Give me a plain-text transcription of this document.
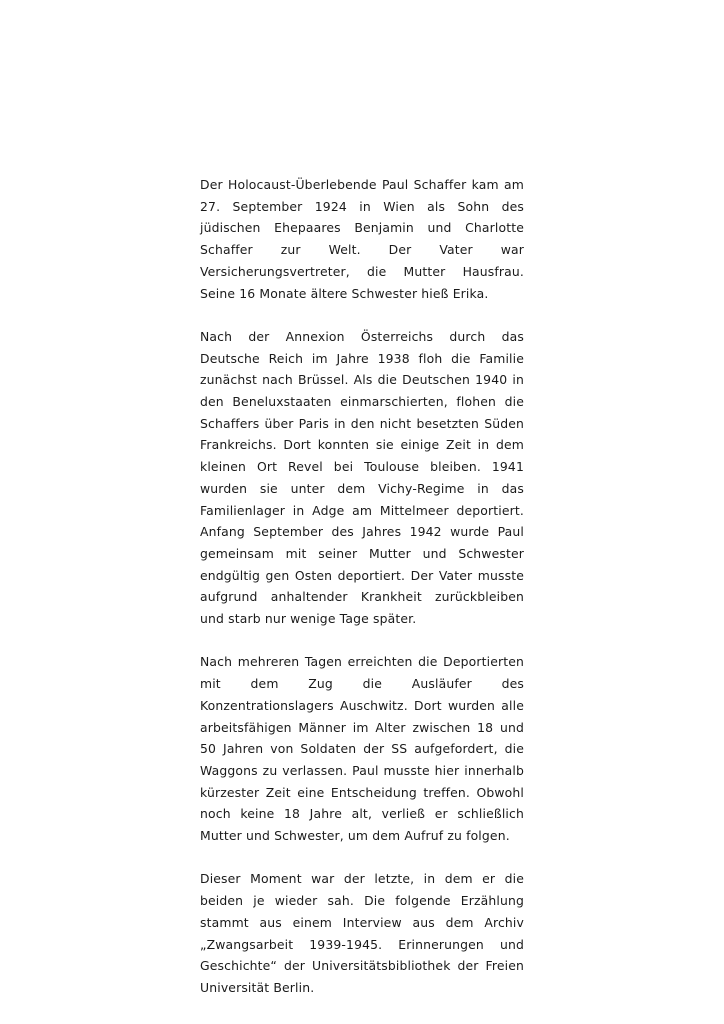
Der Holocaust-Überlebende Paul Schaffer kam am 27. September 1924 in Wien als Sohn des jüdischen Ehepaares Benjamin und Charlotte Schaffer zur Welt. Der Vater war Versicherungsvertreter, die Mutter Hausfrau. Seine 16 Monate ältere Schwester hieß Erika.

Nach der Annexion Österreichs durch das Deutsche Reich im Jahre 1938 floh die Familie zunächst nach Brüssel. Als die Deutschen 1940 in den Beneluxstaaten einmarschierten, flohen die Schaffers über Paris in den nicht besetzten Süden Frankreichs. Dort konnten sie einige Zeit in dem kleinen Ort Revel bei Toulouse bleiben. 1941 wurden sie unter dem Vichy-Regime in das Familienlager in Adge am Mittelmeer deportiert. Anfang September des Jahres 1942 wurde Paul gemeinsam mit seiner Mutter und Schwester endgültig gen Osten deportiert. Der Vater musste aufgrund anhaltender Krankheit zurückbleiben und starb nur wenige Tage später.

Nach mehreren Tagen erreichten die Deportierten mit dem Zug die Ausläufer des Konzentrationslagers Auschwitz. Dort wurden alle arbeitsfähigen Männer im Alter zwischen 18 und 50 Jahren von Soldaten der SS aufgefordert, die Waggons zu verlassen. Paul musste hier innerhalb kürzester Zeit eine Entscheidung treffen. Obwohl noch keine 18 Jahre alt, verließ er schließlich Mutter und Schwester, um dem Aufruf zu folgen.

Dieser Moment war der letzte, in dem er die beiden je wieder sah. Die folgende Erzählung stammt aus einem Interview aus dem Archiv „Zwangsarbeit 1939-1945. Erinnerungen und Geschichte“ der Universitätsbibliothek der Freien Universität Berlin.
